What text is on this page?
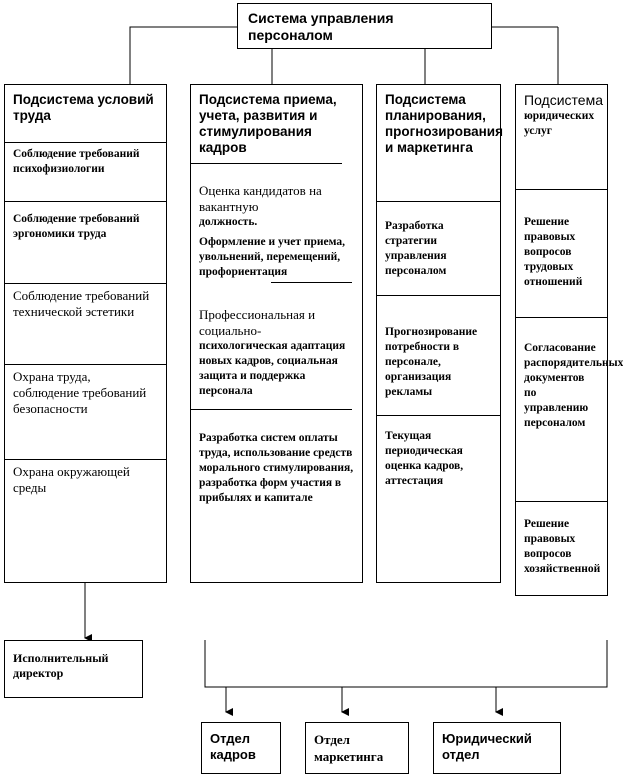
Система управления персоналом
Подсистема условий труда
Соблюдение требований психофизиологии
Соблюдение требований эргономики труда
Соблюдение требований технической эстетики
Охрана труда, соблюдение требований безопасности
Охрана окружающей среды
Подсистема приема, учета, развития и стимулирования кадров
Оценка кандидатов на вакантную
должность.
Оформление и учет приема, увольнений, перемещений, профориентация
Профессиональная и социально-
психологическая адаптация новых кадров, социальная защита и поддержка персонала
Разработка систем оплаты труда, использование средств морального стимулирования, разработка форм участия в прибылях и капитале
Подсистема планирования, прогнозирования и маркетинга
Разработка стратегии управления персоналом
Прогнозирование потребности в персонале, организация рекламы
Текущая периодическая оценка кадров, аттестация
Подсистема
юридических
услуг
Решение правовых вопросов трудовых отношений
Согласование распорядительных документов по управлению персоналом
Решение правовых вопросов хозяйственной
Исполнительный директор
Отдел кадров
Отдел маркетинга
Юридический отдел
